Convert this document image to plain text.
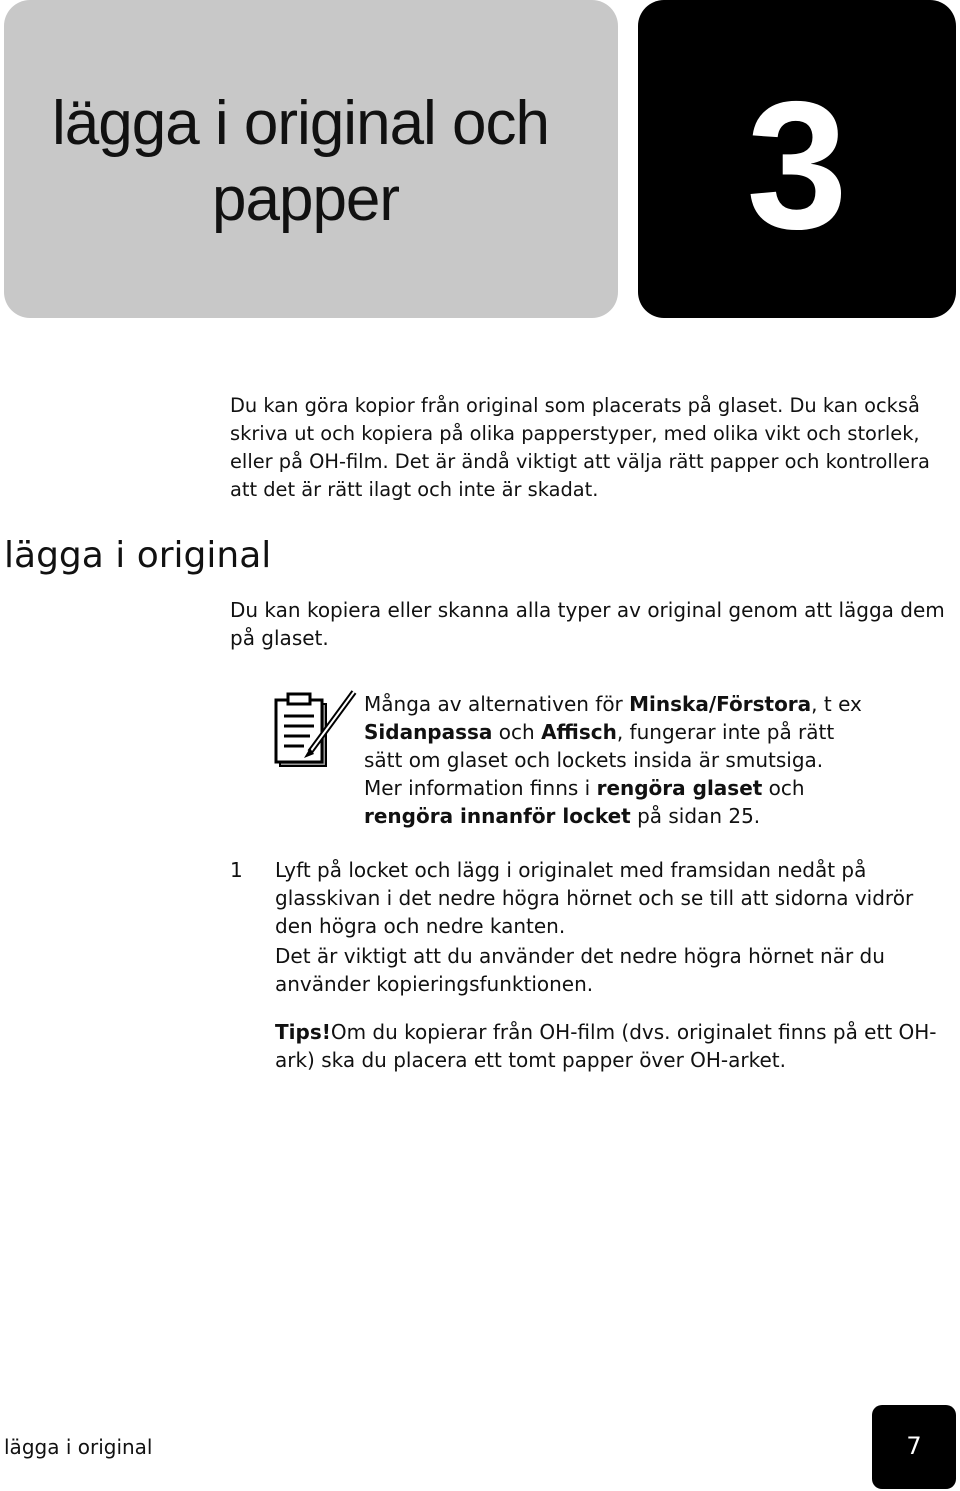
lägga i original och
papper	3

Du kan göra kopior från original som placerats på glaset. Du kan också skriva ut och kopiera på olika papperstyper, med olika vikt och storlek, eller på OH-film. Det är ändå viktigt att välja rätt papper och kontrollera att det är rätt ilagt och inte är skadat.

lägga i original

Du kan kopiera eller skanna alla typer av original genom att lägga dem på glaset.

Många av alternativen för Minska/Förstora, t ex Sidanpassa och Affisch, fungerar inte på rätt sätt om glaset och lockets insida är smutsiga. Mer information finns i rengöra glaset och rengöra innanför locket på sidan 25.

1 Lyft på locket och lägg i originalet med framsidan nedåt på glasskivan i det nedre högra hörnet och se till att sidorna vidrör den högra och nedre kanten.

Det är viktigt att du använder det nedre högra hörnet när du använder kopieringsfunktionen.

Tips!Om du kopierar från OH-film (dvs. originalet finns på ett OH-ark) ska du placera ett tomt papper över OH-arket.

lägga i original	7
